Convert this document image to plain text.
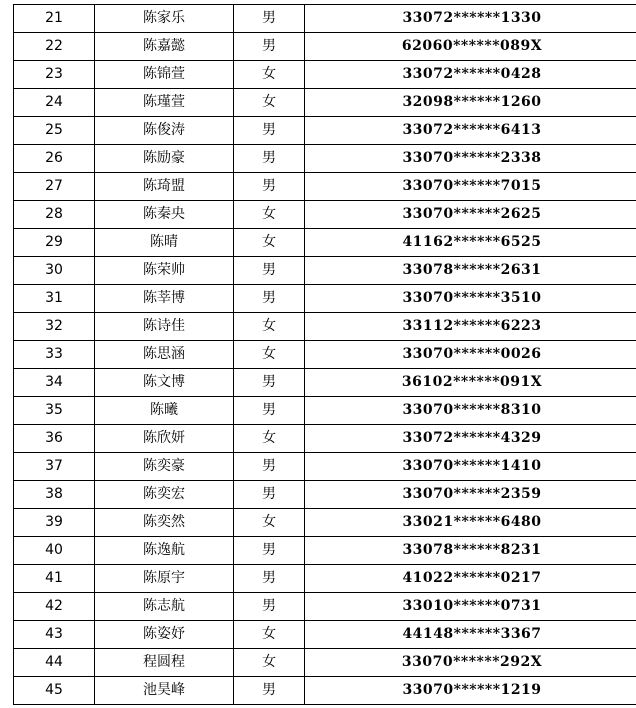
21	陈家乐	男	33072******1330
22	陈嘉懿	男	62060******089X
23	陈锦萱	女	33072******0428
24	陈瑾萱	女	32098******1260
25	陈俊涛	男	33072******6413
26	陈励豪	男	33070******2338
27	陈琦盟	男	33070******7015
28	陈秦央	女	33070******2625
29	陈晴	女	41162******6525
30	陈荣帅	男	33078******2631
31	陈莘博	男	33070******3510
32	陈诗佳	女	33112******6223
33	陈思涵	女	33070******0026
34	陈文博	男	36102******091X
35	陈曦	男	33070******8310
36	陈欣妍	女	33072******4329
37	陈奕豪	男	33070******1410
38	陈奕宏	男	33070******2359
39	陈奕然	女	33021******6480
40	陈逸航	男	33078******8231
41	陈原宇	男	41022******0217
42	陈志航	男	33010******0731
43	陈姿妤	女	44148******3367
44	程圆程	女	33070******292X
45	池昊峰	男	33070******1219
